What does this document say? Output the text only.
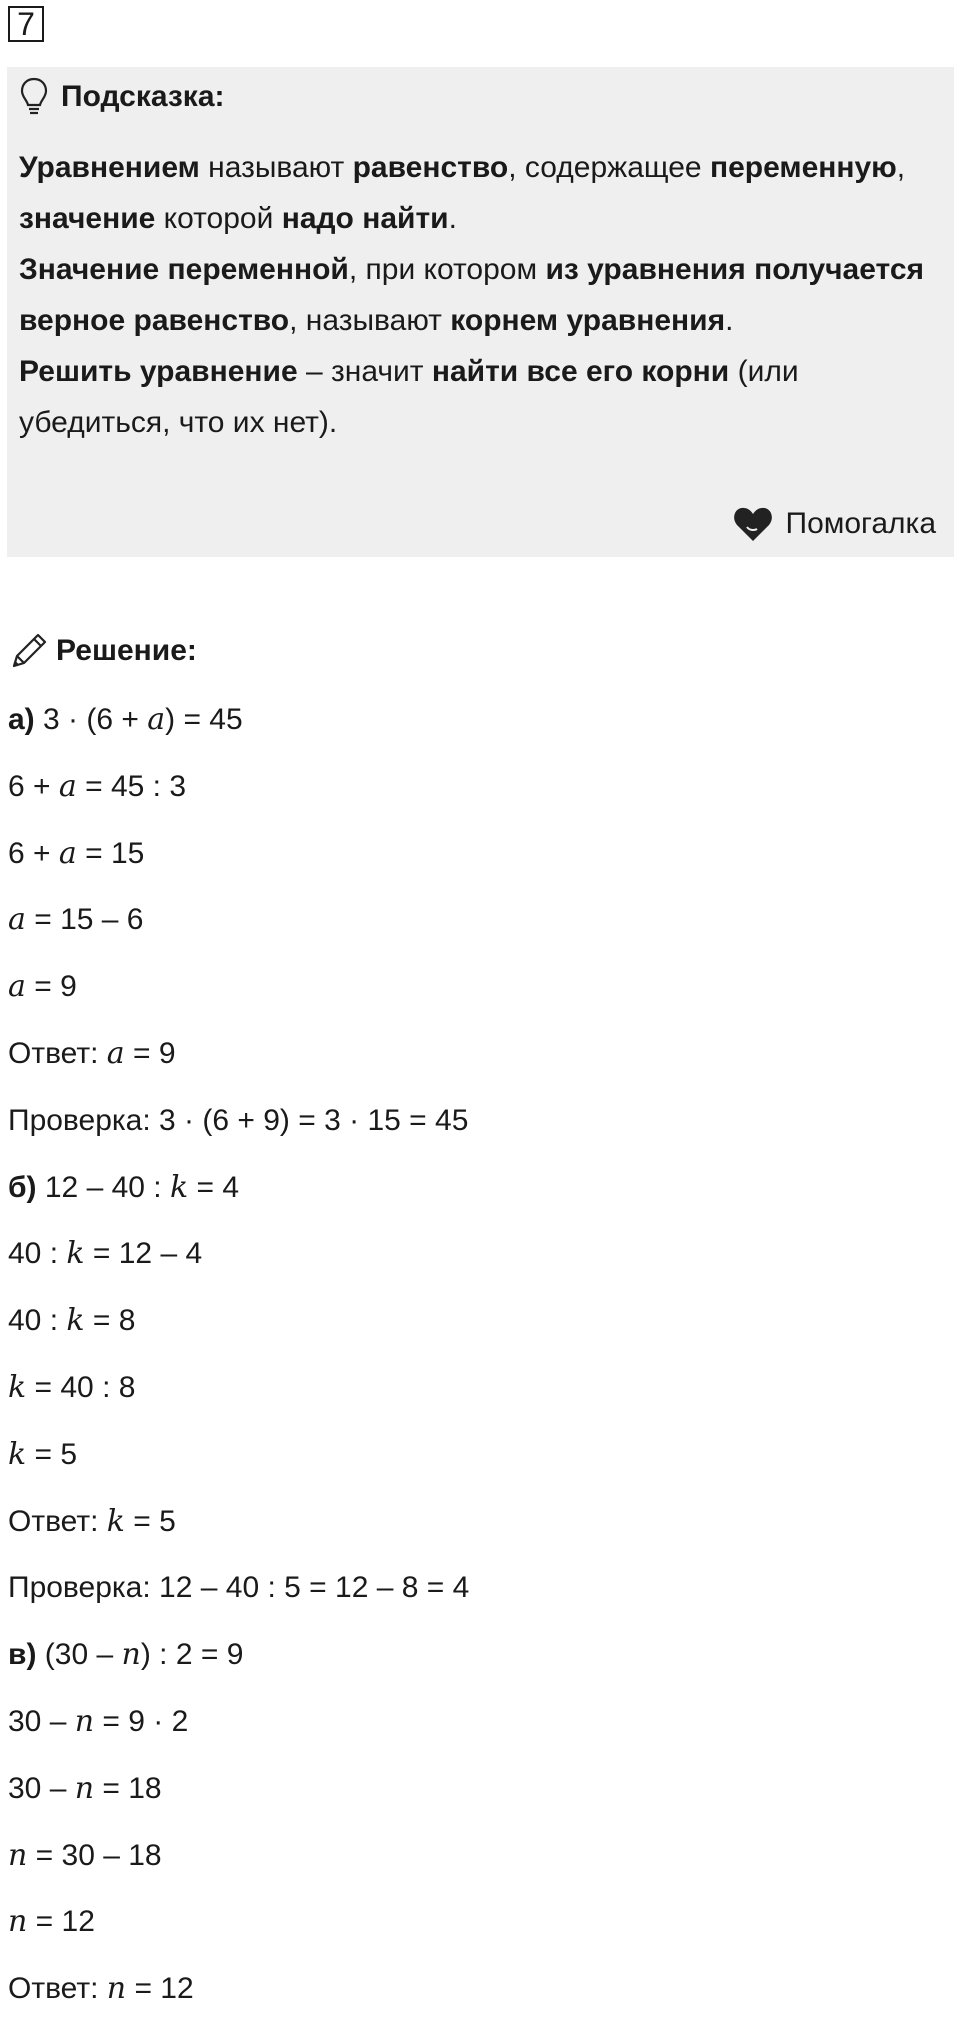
7
Подсказка:

Уравнением называют равенство, содержащее переменную, значение которой надо найти.

Значение переменной, при котором из уравнения получается верное равенство, называют корнем уравнения.

Решить уравнение – значит найти все его корни (или убедиться, что их нет).

Помогалка
Решение:
а) 3 · (6 + a) = 45
6 + a = 45 : 3
6 + a = 15
a = 15 – 6
a = 9
Ответ: a = 9
Проверка: 3 · (6 + 9) = 3 · 15 = 45
б) 12 – 40 : k = 4
40 : k = 12 – 4
40 : k = 8
k = 40 : 8
k = 5
Ответ: k = 5
Проверка: 12 – 40 : 5 = 12 – 8 = 4
в) (30 – n) : 2 = 9
30 – n = 9 · 2
30 – n = 18
n = 30 – 18
n = 12
Ответ: n = 12
